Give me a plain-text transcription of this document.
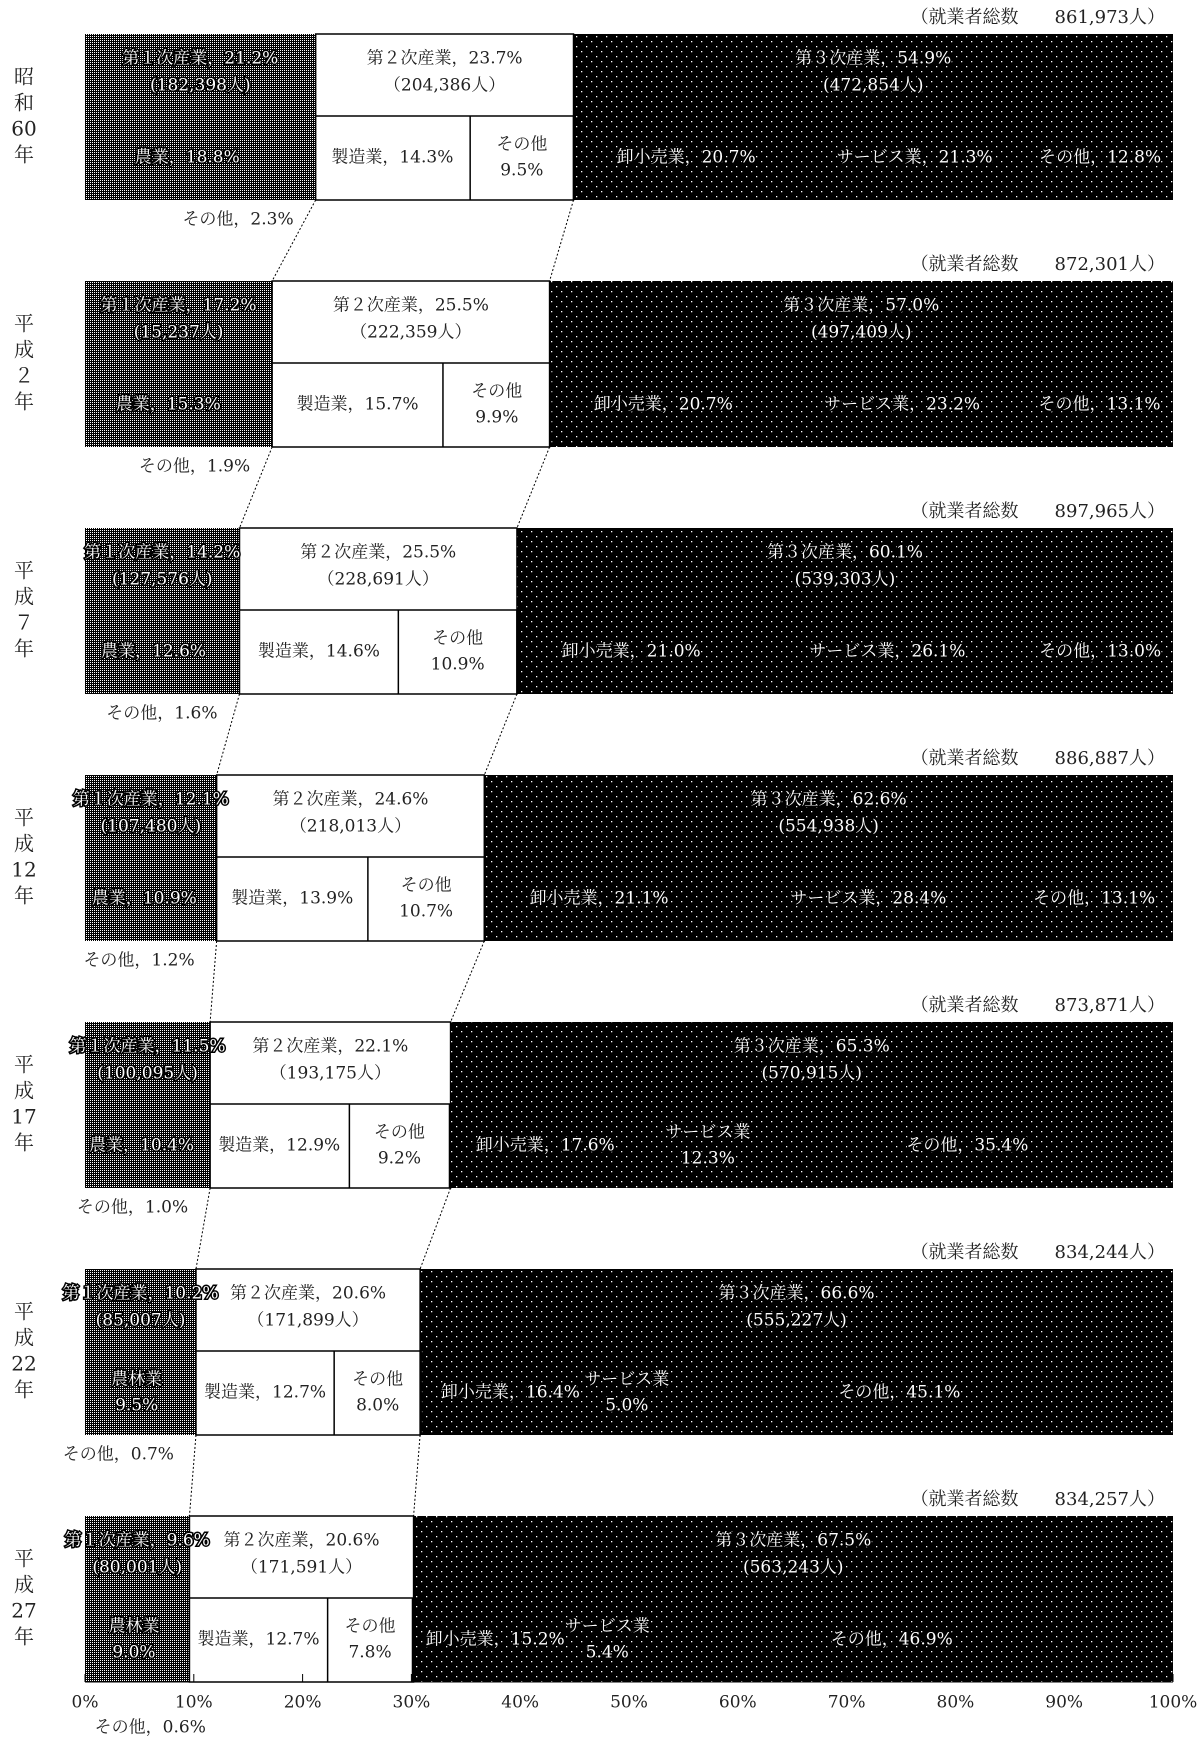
昭
和
60
年
（就業者総数　　861,973人）
第１次産業，21.2%
(182,398人)
第２次産業，23.7%
（204,386人）
第３次産業，54.9%
(472,854人)
農業，18.8%	製造業，14.3%
その他
9.5%
卸小売業，20.7%	サービス業，21.3%	その他，12.8%
その他，2.3%
平
成
２
年
（就業者総数　　872,301人）
第１次産業，17.2%
(15,237人)
第２次産業，25.5%
（222,359人）
第３次産業，57.0%
(497,409人)
農業，15.3%	製造業，15.7%
その他
9.9%
卸小売業，20.7%	サービス業，23.2%	その他，13.1%
その他，1.9%
平
成
７
年
（就業者総数　　897,965人）
第１次産業，14.2%
(127,576人)
第２次産業，25.5%
（228,691人）
第３次産業，60.1%
(539,303人)
農業，12.6%	製造業，14.6%
その他
10.9%
卸小売業，21.0%	サービス業，26.1%	その他，13.0%
その他，1.6%
平
成
12
年
（就業者総数　　886,887人）
第１次産業，12.1%
(107,480人)
第２次産業，24.6%
（218,013人）
第３次産業，62.6%
(554,938人)
農業，10.9% 製造業，13.9%
その他
10.7%
卸小売業，21.1%	サービス業，28.4%	その他，13.1%
その他，1.2%
平
成
17
年
（就業者総数　　873,871人）
第１次産業，11.5%
(100,095人)
第２次産業，22.1%
（193,175人）
第３次産業，65.3%
(570,915人)
農業，10.4% 製造業，12.9%
その他
9.2%
卸小売業，17.6%
サービス業
12.3%
その他，35.4%
その他，1.0%
平
成
22
年
（就業者総数　　834,244人）
第１次産業，10.2%
(85,007人)
第２次産業，20.6%
（171,899人）
第３次産業，66.6%
(555,227人)
農林業
9.5%
製造業，12.7%
その他
8.0%
卸小売業，16.4%
サービス業
5.0%
その他，45.1%
その他，0.7%
平
成
27
年
（就業者総数　　834,257人）
第１次産業，9.6%
(80,001人)
第２次産業，20.6%
（171,591人）
第３次産業，67.5%
(563,243人)
農林業
9.0%
製造業，12.7%
その他
7.8%
卸小売業，15.2%
サービス業
5.4%
その他，46.9%
0%	10%	20%	30%	40%	50%	60%	70%	80%	90%	100%
その他，0.6%
